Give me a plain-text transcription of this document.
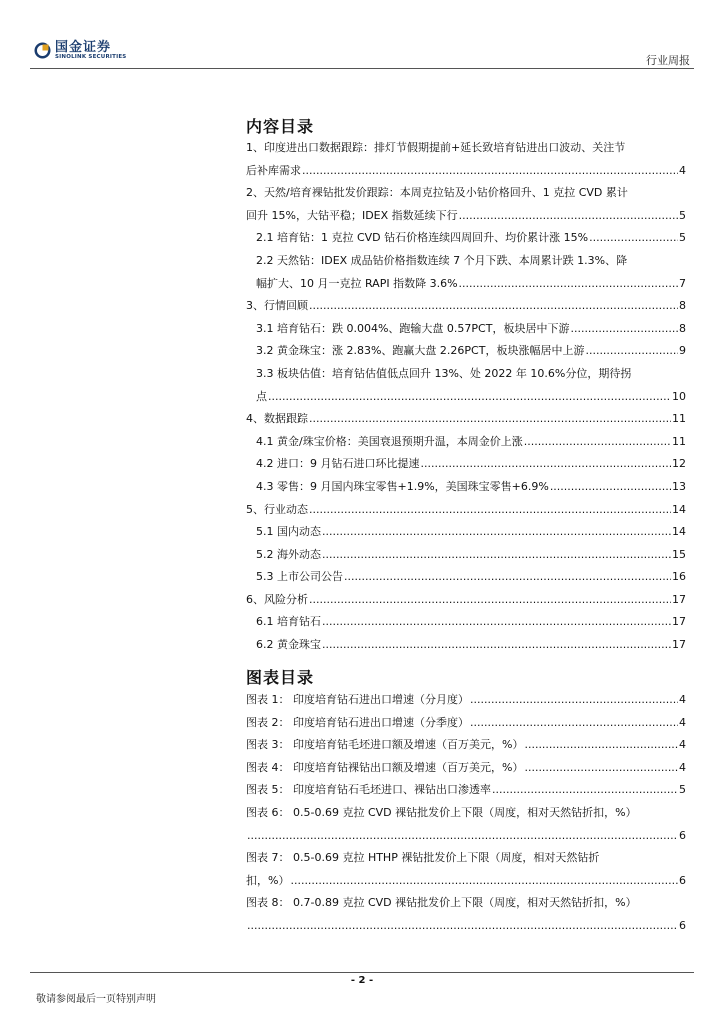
国金证券
SINOLINK SECURITIES	行业周报
内容目录
1、印度进出口数据跟踪：排灯节假期提前+延长致培育钻进出口波动、关注节
后补库需求 .....	4
2、天然/培育裸钻批发价跟踪：本周克拉钻及小钻价格回升、1 克拉 CVD 累计
回升 15%，大钻平稳；IDEX 指数延续下行 .....	5
2.1 培育钻：1 克拉 CVD 钻石价格连续四周回升、均价累计涨 15% .....	5
2.2 天然钻：IDEX 成品钻价格指数连续 7 个月下跌、本周累计跌 1.3%、降
幅扩大、10 月一克拉 RAPI 指数降 3.6% .....	7
3、行情回顾 .....	8
3.1 培育钻石：跌 0.004%、跑输大盘 0.57PCT，板块居中下游 .....	8
3.2 黄金珠宝：涨 2.83%、跑赢大盘 2.26PCT，板块涨幅居中上游 .....	9
3.3 板块估值：培育钻估值低点回升 13%、处 2022 年 10.6%分位，期待拐
点 .....	10
4、数据跟踪 .....	11
4.1 黄金/珠宝价格：美国衰退预期升温，本周金价上涨 .....	11
4.2 进口：9 月钻石进口环比提速 .....	12
4.3 零售：9 月国内珠宝零售+1.9%，美国珠宝零售+6.9% .....	13
5、行业动态 .....	14
5.1 国内动态 .....	14
5.2 海外动态 .....	15
5.3 上市公司公告 .....	16
6、风险分析 .....	17
6.1 培育钻石 .....	17
6.2 黄金珠宝 .....	17
图表目录
图表 1： 印度培育钻石进出口增速（分月度） .....	4
图表 2： 印度培育钻石进出口增速（分季度） .....	4
图表 3： 印度培育钻毛坯进口额及增速（百万美元，%） .....	4
图表 4： 印度培育钻裸钻出口额及增速（百万美元，%） .....	4
图表 5： 印度培育钻石毛坯进口、裸钻出口渗透率 .....	5
图表 6： 0.5-0.69 克拉 CVD 裸钻批发价上下限（周度，相对天然钻折扣，%）
.....
6
图表 7： 0.5-0.69 克拉 HTHP 裸钻批发价上下限（周度，相对天然钻折
扣，%） .....	6
图表 8： 0.7-0.89 克拉 CVD 裸钻批发价上下限（周度，相对天然钻折扣，%）
.....
6
- 2 -
敬请参阅最后一页特别声明
